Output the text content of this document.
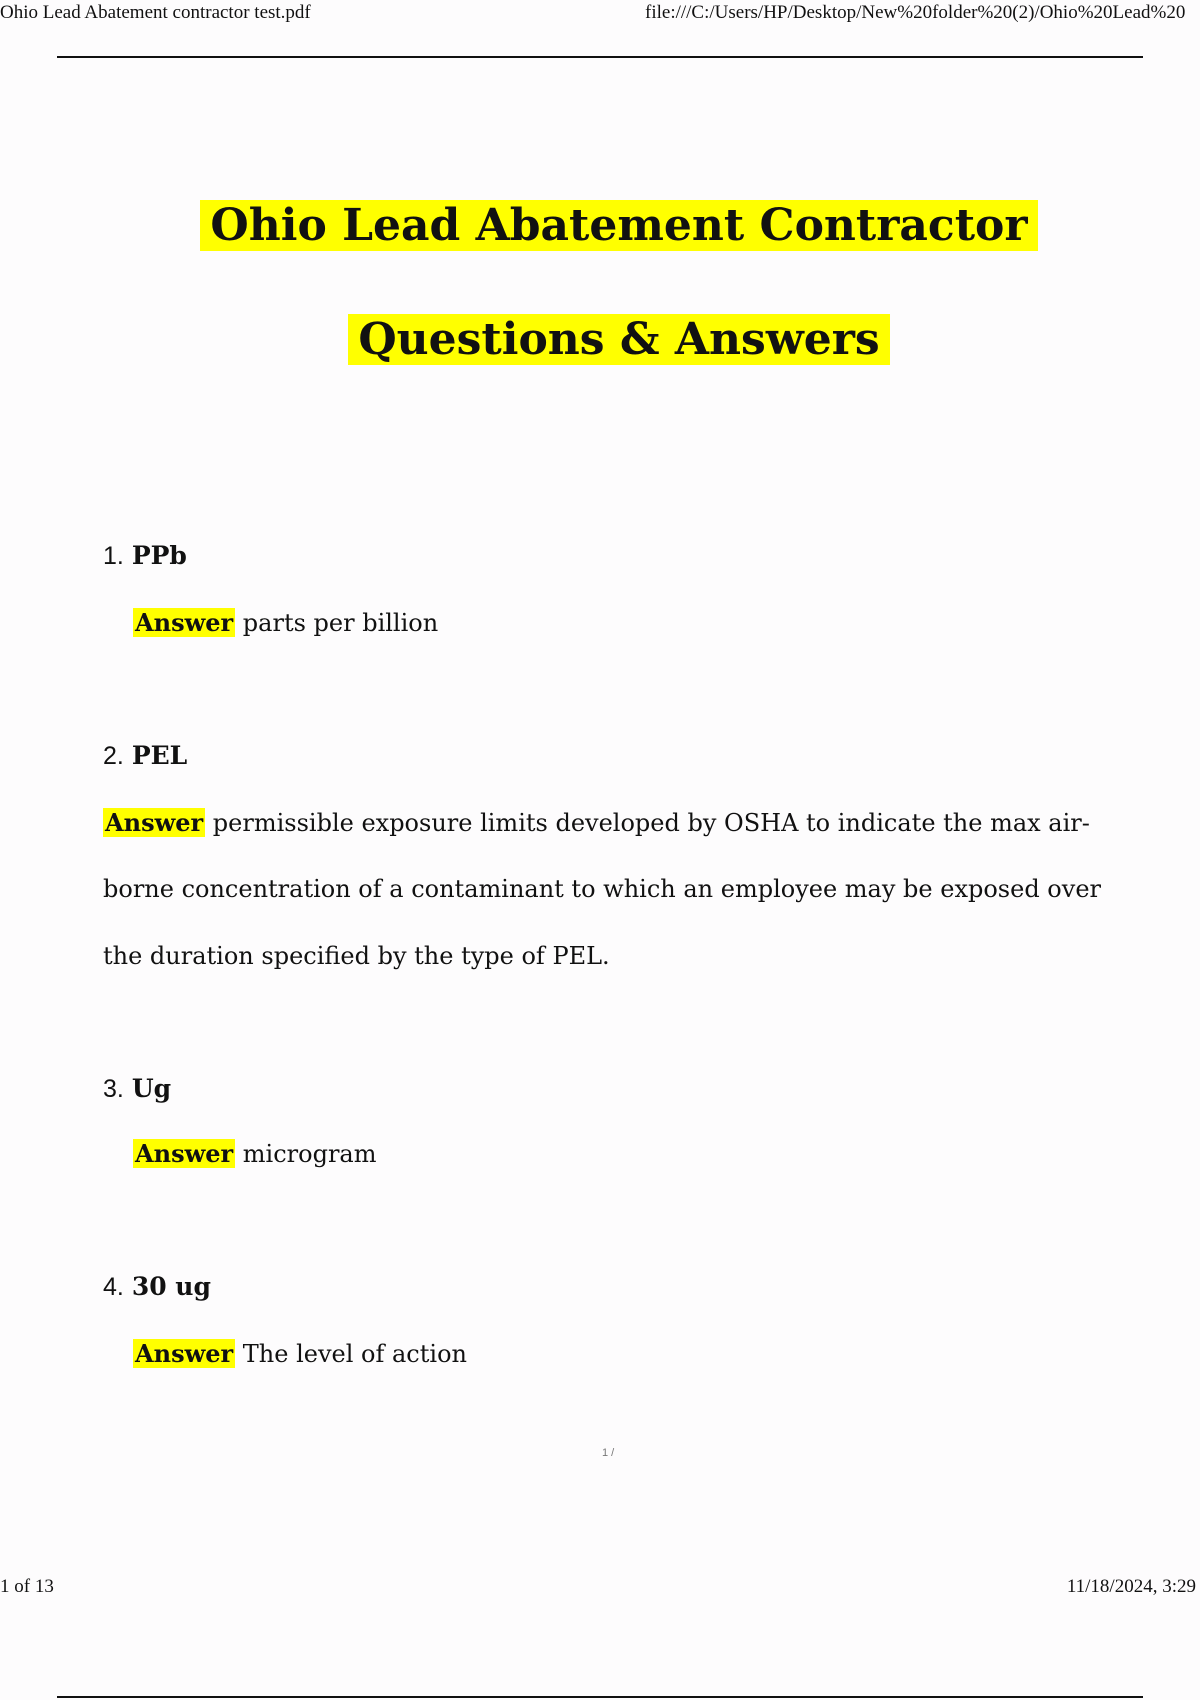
Ohio Lead Abatement contractor test.pdf	file:///C:/Users/HP/Desktop/New%20folder%20(2)/Ohio%20Lead%20
Ohio Lead Abatement Contractor
Questions & Answers
1. PPb
Answer parts per billion
2. PEL
Answer permissible exposure limits developed by OSHA to indicate the max air-
borne concentration of a contaminant to which an employee may be exposed over
the duration specified by the type of PEL.
3. Ug
Answer microgram
4. 30 ug
Answer The level of action
1 /
1 of 13	11/18/2024, 3:29
